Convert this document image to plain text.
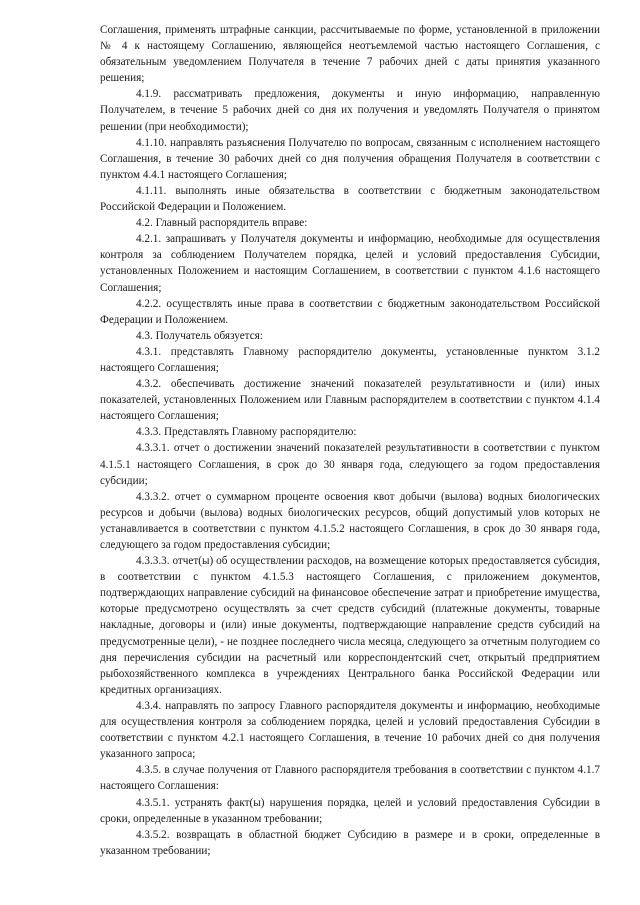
Соглашения, применять штрафные санкции, рассчитываемые по форме, установленной в приложении № 4 к настоящему Соглашению, являющейся неотъемлемой частью настоящего Соглашения, с обязательным уведомлением Получателя в течение 7 рабочих дней с даты принятия указанного решения;

4.1.9. рассматривать предложения, документы и иную информацию, направленную Получателем, в течение 5 рабочих дней со дня их получения и уведомлять Получателя о принятом решении (при необходимости);

4.1.10. направлять разъяснения Получателю по вопросам, связанным с исполнением настоящего Соглашения, в течение 30 рабочих дней со дня получения обращения Получателя в соответствии с пунктом 4.4.1 настоящего Соглашения;

4.1.11. выполнять иные обязательства в соответствии с бюджетным законодательством Российской Федерации и Положением.

4.2. Главный распорядитель вправе:

4.2.1. запрашивать у Получателя документы и информацию, необходимые для осуществления контроля за соблюдением Получателем порядка, целей и условий предоставления Субсидии, установленных Положением и настоящим Соглашением, в соответствии с пунктом 4.1.6 настоящего Соглашения;

4.2.2. осуществлять иные права в соответствии с бюджетным законодательством Российской Федерации и Положением.

4.3. Получатель обязуется:

4.3.1. представлять Главному распорядителю документы, установленные пунктом 3.1.2 настоящего Соглашения;

4.3.2. обеспечивать достижение значений показателей результативности и (или) иных показателей, установленных Положением или Главным распорядителем в соответствии с пунктом 4.1.4 настоящего Соглашения;

4.3.3. Представлять Главному распорядителю:

4.3.3.1. отчет о достижении значений показателей результативности в соответствии с пунктом 4.1.5.1 настоящего Соглашения, в срок до 30 января года, следующего за годом предоставления субсидии;

4.3.3.2. отчет о суммарном проценте освоения квот добычи (вылова) водных биологических ресурсов и добычи (вылова) водных биологических ресурсов, общий допустимый улов которых не устанавливается в соответствии с пунктом 4.1.5.2 настоящего Соглашения, в срок до 30 января года, следующего за годом предоставления субсидии;

4.3.3.3. отчет(ы) об осуществлении расходов, на возмещение которых предоставляется субсидия, в соответствии с пунктом 4.1.5.3 настоящего Соглашения, с приложением документов, подтверждающих направление субсидий на финансовое обеспечение затрат и приобретение имущества, которые предусмотрено осуществлять за счет средств субсидий (платежные документы, товарные накладные, договоры и (или) иные документы, подтверждающие направление средств субсидий на предусмотренные цели), - не позднее последнего числа месяца, следующего за отчетным полугодием со дня перечисления субсидии на расчетный или корреспондентский счет, открытый предприятием рыбохозяйственного комплекса в учреждениях Центрального банка Российской Федерации или кредитных организациях.

4.3.4. направлять по запросу Главного распорядителя документы и информацию, необходимые для осуществления контроля за соблюдением порядка, целей и условий предоставления Субсидии в соответствии с пунктом 4.2.1 настоящего Соглашения, в течение 10 рабочих дней со дня получения указанного запроса;

4.3.5. в случае получения от Главного распорядителя требования в соответствии с пунктом 4.1.7 настоящего Соглашения:

4.3.5.1. устранять факт(ы) нарушения порядка, целей и условий предоставления Субсидии в сроки, определенные в указанном требовании;

4.3.5.2. возвращать в областной бюджет Субсидию в размере и в сроки, определенные в указанном требовании;
